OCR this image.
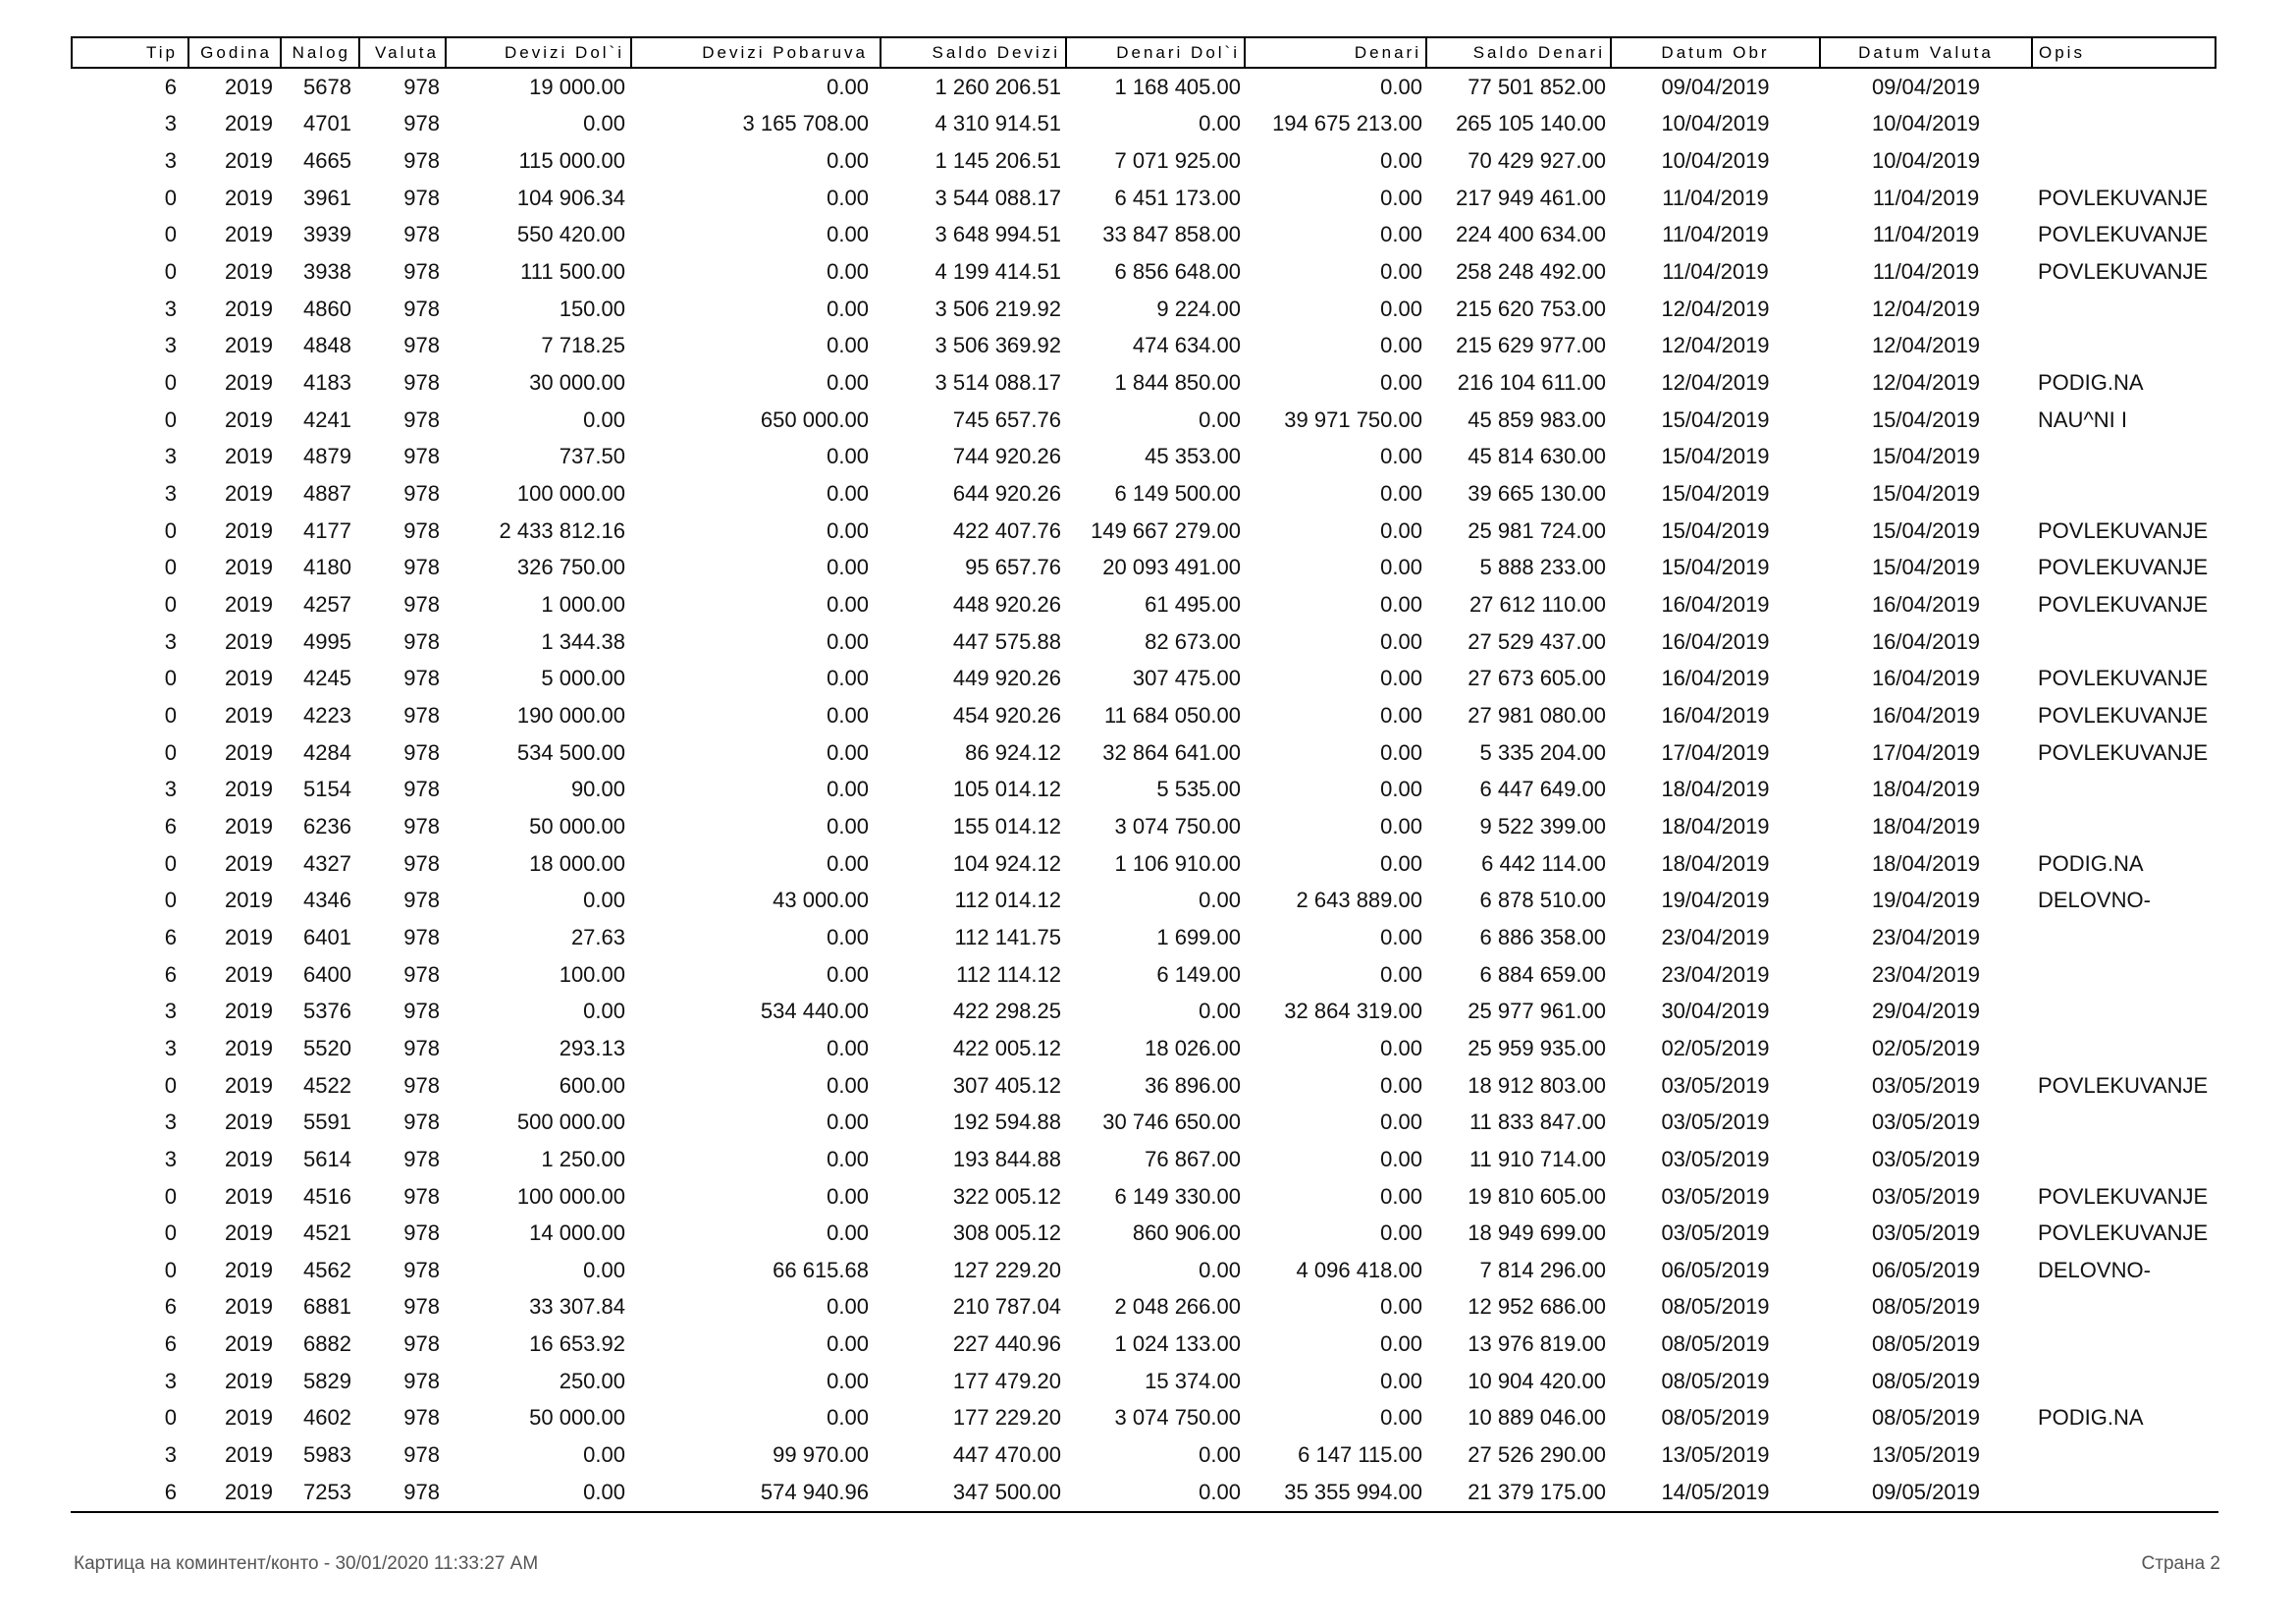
Tip	Godina	Nalog	Valuta	Devizi Dol`i	Devizi Pobaruva	Saldo Devizi	Denari Dol`i	Denari	Saldo Denari	Datum Obr	Datum Valuta	Opis
6	2019	5678	978	19 000.00	0.00	1 260 206.51	1 168 405.00	0.00	77 501 852.00	09/04/2019	09/04/2019	
3	2019	4701	978	0.00	3 165 708.00	4 310 914.51	0.00	194 675 213.00	265 105 140.00	10/04/2019	10/04/2019	
3	2019	4665	978	115 000.00	0.00	1 145 206.51	7 071 925.00	0.00	70 429 927.00	10/04/2019	10/04/2019	
0	2019	3961	978	104 906.34	0.00	3 544 088.17	6 451 173.00	0.00	217 949 461.00	11/04/2019	11/04/2019	POVLEKUVANJE
0	2019	3939	978	550 420.00	0.00	3 648 994.51	33 847 858.00	0.00	224 400 634.00	11/04/2019	11/04/2019	POVLEKUVANJE
0	2019	3938	978	111 500.00	0.00	4 199 414.51	6 856 648.00	0.00	258 248 492.00	11/04/2019	11/04/2019	POVLEKUVANJE
3	2019	4860	978	150.00	0.00	3 506 219.92	9 224.00	0.00	215 620 753.00	12/04/2019	12/04/2019	
3	2019	4848	978	7 718.25	0.00	3 506 369.92	474 634.00	0.00	215 629 977.00	12/04/2019	12/04/2019	
0	2019	4183	978	30 000.00	0.00	3 514 088.17	1 844 850.00	0.00	216 104 611.00	12/04/2019	12/04/2019	PODIG.NA
0	2019	4241	978	0.00	650 000.00	745 657.76	0.00	39 971 750.00	45 859 983.00	15/04/2019	15/04/2019	NAU^NI I
3	2019	4879	978	737.50	0.00	744 920.26	45 353.00	0.00	45 814 630.00	15/04/2019	15/04/2019	
3	2019	4887	978	100 000.00	0.00	644 920.26	6 149 500.00	0.00	39 665 130.00	15/04/2019	15/04/2019	
0	2019	4177	978	2 433 812.16	0.00	422 407.76	149 667 279.00	0.00	25 981 724.00	15/04/2019	15/04/2019	POVLEKUVANJE
0	2019	4180	978	326 750.00	0.00	95 657.76	20 093 491.00	0.00	5 888 233.00	15/04/2019	15/04/2019	POVLEKUVANJE
0	2019	4257	978	1 000.00	0.00	448 920.26	61 495.00	0.00	27 612 110.00	16/04/2019	16/04/2019	POVLEKUVANJE
3	2019	4995	978	1 344.38	0.00	447 575.88	82 673.00	0.00	27 529 437.00	16/04/2019	16/04/2019	
0	2019	4245	978	5 000.00	0.00	449 920.26	307 475.00	0.00	27 673 605.00	16/04/2019	16/04/2019	POVLEKUVANJE
0	2019	4223	978	190 000.00	0.00	454 920.26	11 684 050.00	0.00	27 981 080.00	16/04/2019	16/04/2019	POVLEKUVANJE
0	2019	4284	978	534 500.00	0.00	86 924.12	32 864 641.00	0.00	5 335 204.00	17/04/2019	17/04/2019	POVLEKUVANJE
3	2019	5154	978	90.00	0.00	105 014.12	5 535.00	0.00	6 447 649.00	18/04/2019	18/04/2019	
6	2019	6236	978	50 000.00	0.00	155 014.12	3 074 750.00	0.00	9 522 399.00	18/04/2019	18/04/2019	
0	2019	4327	978	18 000.00	0.00	104 924.12	1 106 910.00	0.00	6 442 114.00	18/04/2019	18/04/2019	PODIG.NA
0	2019	4346	978	0.00	43 000.00	112 014.12	0.00	2 643 889.00	6 878 510.00	19/04/2019	19/04/2019	DELOVNO-
6	2019	6401	978	27.63	0.00	112 141.75	1 699.00	0.00	6 886 358.00	23/04/2019	23/04/2019	
6	2019	6400	978	100.00	0.00	112 114.12	6 149.00	0.00	6 884 659.00	23/04/2019	23/04/2019	
3	2019	5376	978	0.00	534 440.00	422 298.25	0.00	32 864 319.00	25 977 961.00	30/04/2019	29/04/2019	
3	2019	5520	978	293.13	0.00	422 005.12	18 026.00	0.00	25 959 935.00	02/05/2019	02/05/2019	
0	2019	4522	978	600.00	0.00	307 405.12	36 896.00	0.00	18 912 803.00	03/05/2019	03/05/2019	POVLEKUVANJE
3	2019	5591	978	500 000.00	0.00	192 594.88	30 746 650.00	0.00	11 833 847.00	03/05/2019	03/05/2019	
3	2019	5614	978	1 250.00	0.00	193 844.88	76 867.00	0.00	11 910 714.00	03/05/2019	03/05/2019	
0	2019	4516	978	100 000.00	0.00	322 005.12	6 149 330.00	0.00	19 810 605.00	03/05/2019	03/05/2019	POVLEKUVANJE
0	2019	4521	978	14 000.00	0.00	308 005.12	860 906.00	0.00	18 949 699.00	03/05/2019	03/05/2019	POVLEKUVANJE
0	2019	4562	978	0.00	66 615.68	127 229.20	0.00	4 096 418.00	7 814 296.00	06/05/2019	06/05/2019	DELOVNO-
6	2019	6881	978	33 307.84	0.00	210 787.04	2 048 266.00	0.00	12 952 686.00	08/05/2019	08/05/2019	
6	2019	6882	978	16 653.92	0.00	227 440.96	1 024 133.00	0.00	13 976 819.00	08/05/2019	08/05/2019	
3	2019	5829	978	250.00	0.00	177 479.20	15 374.00	0.00	10 904 420.00	08/05/2019	08/05/2019	
0	2019	4602	978	50 000.00	0.00	177 229.20	3 074 750.00	0.00	10 889 046.00	08/05/2019	08/05/2019	PODIG.NA
3	2019	5983	978	0.00	99 970.00	447 470.00	0.00	6 147 115.00	27 526 290.00	13/05/2019	13/05/2019	
6	2019	7253	978	0.00	574 940.96	347 500.00	0.00	35 355 994.00	21 379 175.00	14/05/2019	09/05/2019	
Картица на коминтент/конто - 30/01/2020 11:33:27 AM	Страна 2
